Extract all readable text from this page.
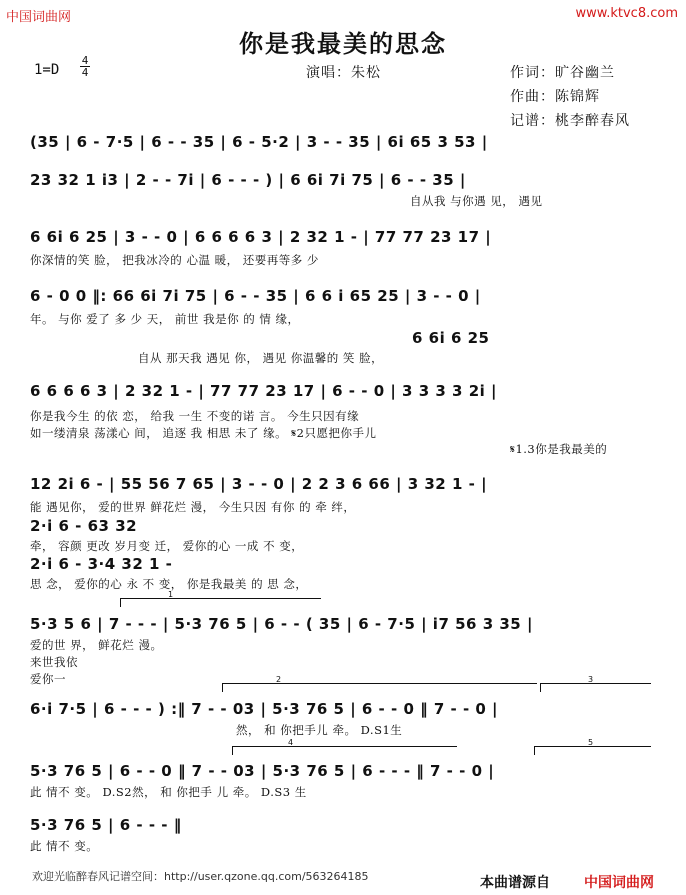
中国词曲网	www.ktvc8.com
你是我最美的思念
1=D
4
4	演唱：朱松	作词：旷谷幽兰
作曲：陈锦辉
记谱：桃李醉春风
(35 | 6 - 7·5 | 6 - - 35 | 6 - 5·2 | 3 - - 35 | 6i 65 3 53 |
23 32 1 i3 | 2 - - 7i | 6 - - - ) | 6 6i 7i 75 | 6 - - 35 |
自从我 与你遇 见， 遇见
6 6i 6 25 | 3 - - 0 | 6 6 6 6 3 | 2 32 1 - | 77 77 23 17 |
你深情的笑 脸， 把我冰冷的 心温 暖， 还要再等多 少
6 - 0 0 ‖: 66 6i 7i 75 | 6 - - 35 | 6 6 i 65 25 | 3 - - 0 |
年。 与你 爱了 多 少 天， 前世 我是你 的 情 缘，
6 6i 6 25
自从 那天我 遇见 你， 遇见 你温馨的 笑 脸，
6 6 6 6 3 | 2 32 1 - | 77 77 23 17 | 6 - - 0 | 3 3 3 3 2i |
你是我今生 的依 恋， 给我 一生 不变的诺 言。 今生只因有缘
如一缕清泉 荡漾心 间， 追逐 我 相思 未了 缘。 𝄋2只愿把你手儿
𝄋1.3你是我最美的
12 2i 6 - | 55 56 7 65 | 3 - - 0 | 2 2 3 6 66 | 3 32 1 - |
能 遇见你， 爱的世界 鲜花烂 漫， 今生只因 有你 的 牵 绊，
2·i 6 - 63 32
牵， 容颜 更改 岁月变 迁， 爱你的心 一成 不 变，
2·i 6 - 3·4 32 1 -
思 念， 爱你的心 永 不 变， 你是我最美 的 思 念，
5·3 5 6 | 7 - - - | 5·3 76 5 | 6 - - ( 35 | 6 - 7·5 | i7 56 3 35 |
爱的世 界， 鲜花烂 漫。
来世我依
爱你一
1
2	3
6·i 7·5 | 6 - - - ) :‖ 7 - - 03 | 5·3 76 5 | 6 - - 0 ‖ 7 - - 0 |
然， 和 你把手儿 牵。 D.S1生
4	5
5·3 76 5 | 6 - - 0 ‖ 7 - - 03 | 5·3 76 5 | 6 - - - ‖ 7 - - 0 |
此 情不 变。 D.S2然， 和 你把手 儿 牵。 D.S3 生
5·3 76 5 | 6 - - - ‖
此 情不 变。
欢迎光临醉春风记谱空间：http://user.qzone.qq.com/563264185	本曲谱源自 中国词曲网
